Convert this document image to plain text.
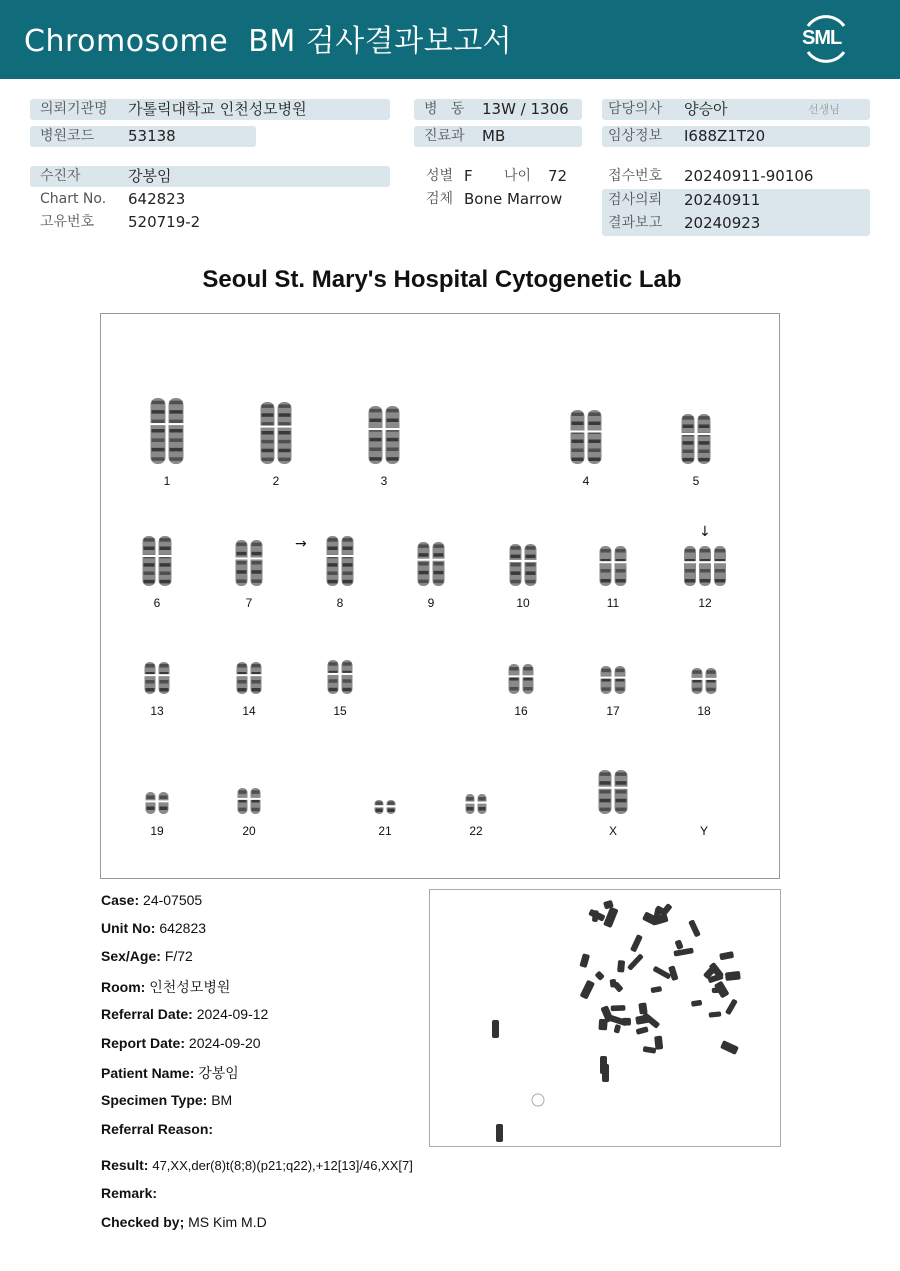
Chromosome  BM 검사결과보고서	SML
의뢰기관명 가톨릭대학교 인천성모병원
병원코드 53138
병   동 13W / 1306
진료과 MB
담당의사 양승아	선생님
임상정보 I688Z1T20
수진자	강봉임
Chart No. 642823
고유번호 520719-2
성별 F 나이 72
검체 Bone Marrow
접수번호 20240911-90106
검사의뢰 20240911
결과보고 20240923
Seoul St. Mary's Hospital Cytogenetic Lab
1	2	3	4	5
6	7	8	9	10	11	12
13	14	15	16	17	18
19	20	21	22	X	Y
→
↓
Case: 24-07505
Unit No: 642823
Sex/Age: F/72
Room: 인천성모병원
Referral Date: 2024-09-12
Report Date: 2024-09-20
Patient Name: 강봉임
Specimen Type: BM
Referral Reason:
Result: 47,XX,der(8)t(8;8)(p21;q22),+12[13]/46,XX[7]
Remark:
Checked by; MS Kim M.D
